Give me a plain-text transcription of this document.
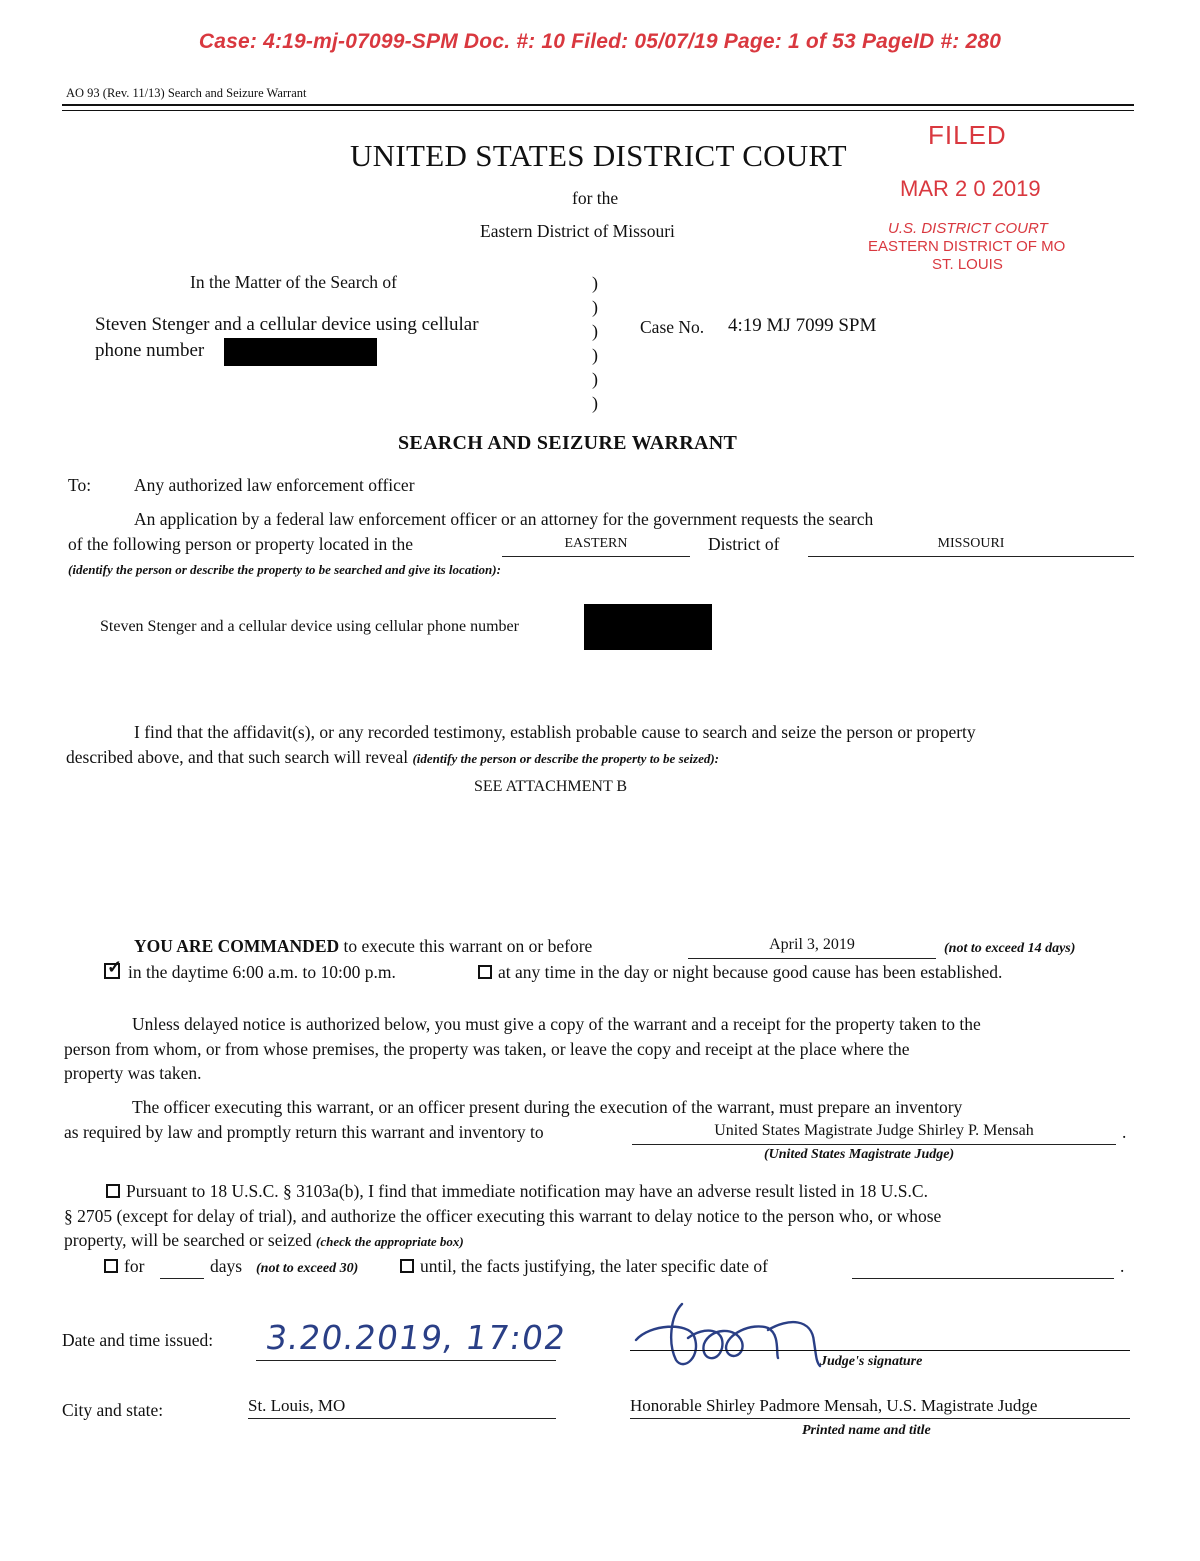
Case: 4:19-mj-07099-SPM Doc. #: 10 Filed: 05/07/19 Page: 1 of 53 PageID #: 280
AO 93 (Rev. 11/13) Search and Seizure Warrant
FILED
MAR 2 0 2019
U.S. DISTRICT COURT
EASTERN DISTRICT OF MO
ST. LOUIS
UNITED STATES DISTRICT COURT
for the
Eastern District of Missouri
In the Matter of the Search of
Steven Stenger and a cellular device using cellular
phone number
)
)
)
)
)
)
Case No. 4:19 MJ 7099 SPM
SEARCH AND SEIZURE WARRANT
To: Any authorized law enforcement officer
An application by a federal law enforcement officer or an attorney for the government requests the search
of the following person or property located in the	EASTERN	District of	MISSOURI
(identify the person or describe the property to be searched and give its location):
Steven Stenger and a cellular device using cellular phone number
I find that the affidavit(s), or any recorded testimony, establish probable cause to search and seize the person or property
described above, and that such search will reveal (identify the person or describe the property to be seized):
SEE ATTACHMENT B
YOU ARE COMMANDED to execute this warrant on or before	April 3, 2019	(not to exceed 14 days)
✓ in the daytime 6:00 a.m. to 10:00 p.m.	at any time in the day or night because good cause has been established.
Unless delayed notice is authorized below, you must give a copy of the warrant and a receipt for the property taken to the
person from whom, or from whose premises, the property was taken, or leave the copy and receipt at the place where the
property was taken.
The officer executing this warrant, or an officer present during the execution of the warrant, must prepare an inventory
as required by law and promptly return this warrant and inventory to	United States Magistrate Judge Shirley P. Mensah	.
(United States Magistrate Judge)
Pursuant to 18 U.S.C. § 3103a(b), I find that immediate notification may have an adverse result listed in 18 U.S.C.
§ 2705 (except for delay of trial), and authorize the officer executing this warrant to delay notice to the person who, or whose
property, will be searched or seized (check the appropriate box)
for	days (not to exceed 30)	until, the facts justifying, the later specific date of	.
Date and time issued: 3.20.2019, 17:02
Judge's signature
City and state:	St. Louis, MO	Honorable Shirley Padmore Mensah, U.S. Magistrate Judge
Printed name and title
